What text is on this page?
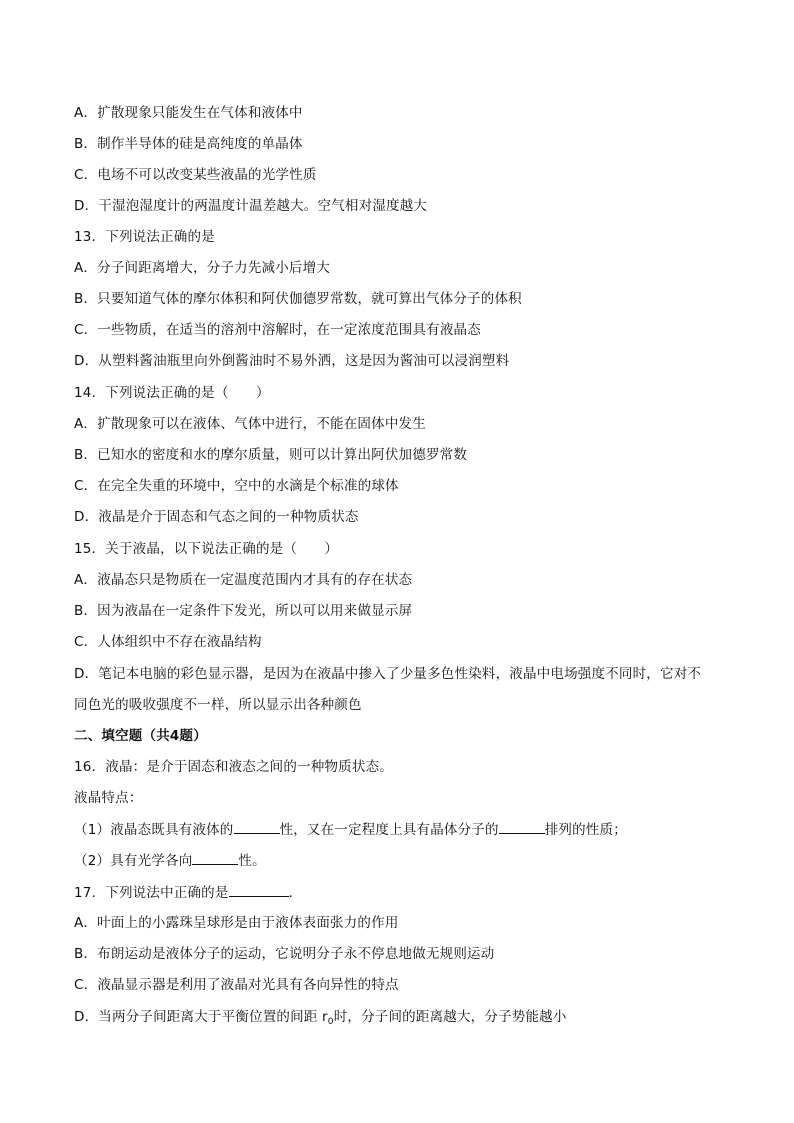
A．扩散现象只能发生在气体和液体中
B．制作半导体的硅是高纯度的单晶体
C．电场不可以改变某些液晶的光学性质
D．干湿泡湿度计的两温度计温差越大。空气相对湿度越大
13．下列说法正确的是
A．分子间距离增大，分子力先减小后增大
B．只要知道气体的摩尔体积和阿伏伽德罗常数，就可算出气体分子的体积
C．一些物质，在适当的溶剂中溶解时，在一定浓度范围具有液晶态
D．从塑料酱油瓶里向外倒酱油时不易外洒，这是因为酱油可以浸润塑料
14．下列说法正确的是（　　）
A．扩散现象可以在液体、气体中进行，不能在固体中发生
B．已知水的密度和水的摩尔质量，则可以计算出阿伏加德罗常数
C．在完全失重的环境中，空中的水滴是个标准的球体
D．液晶是介于固态和气态之间的一种物质状态
15．关于液晶，以下说法正确的是（　　）
A．液晶态只是物质在一定温度范围内才具有的存在状态
B．因为液晶在一定条件下发光，所以可以用来做显示屏
C．人体组织中不存在液晶结构
D．笔记本电脑的彩色显示器，是因为在液晶中掺入了少量多色性染料，液晶中电场强度不同时，它对不
同色光的吸收强度不一样，所以显示出各种颜色
二、填空题（共4题）
16．液晶：是介于固态和液态之间的一种物质状态。
液晶特点：
（1）液晶态既具有液体的	性，又在一定程度上具有晶体分子的	排列的性质；
（2）具有光学各向	性。
17．下列说法中正确的是	．
A．叶面上的小露珠呈球形是由于液体表面张力的作用
B．布朗运动是液体分子的运动，它说明分子永不停息地做无规则运动
C．液晶显示器是利用了液晶对光具有各向异性的特点
D．当两分子间距离大于平衡位置的间距 $r_0$时，分子间的距离越大，分子势能越小
